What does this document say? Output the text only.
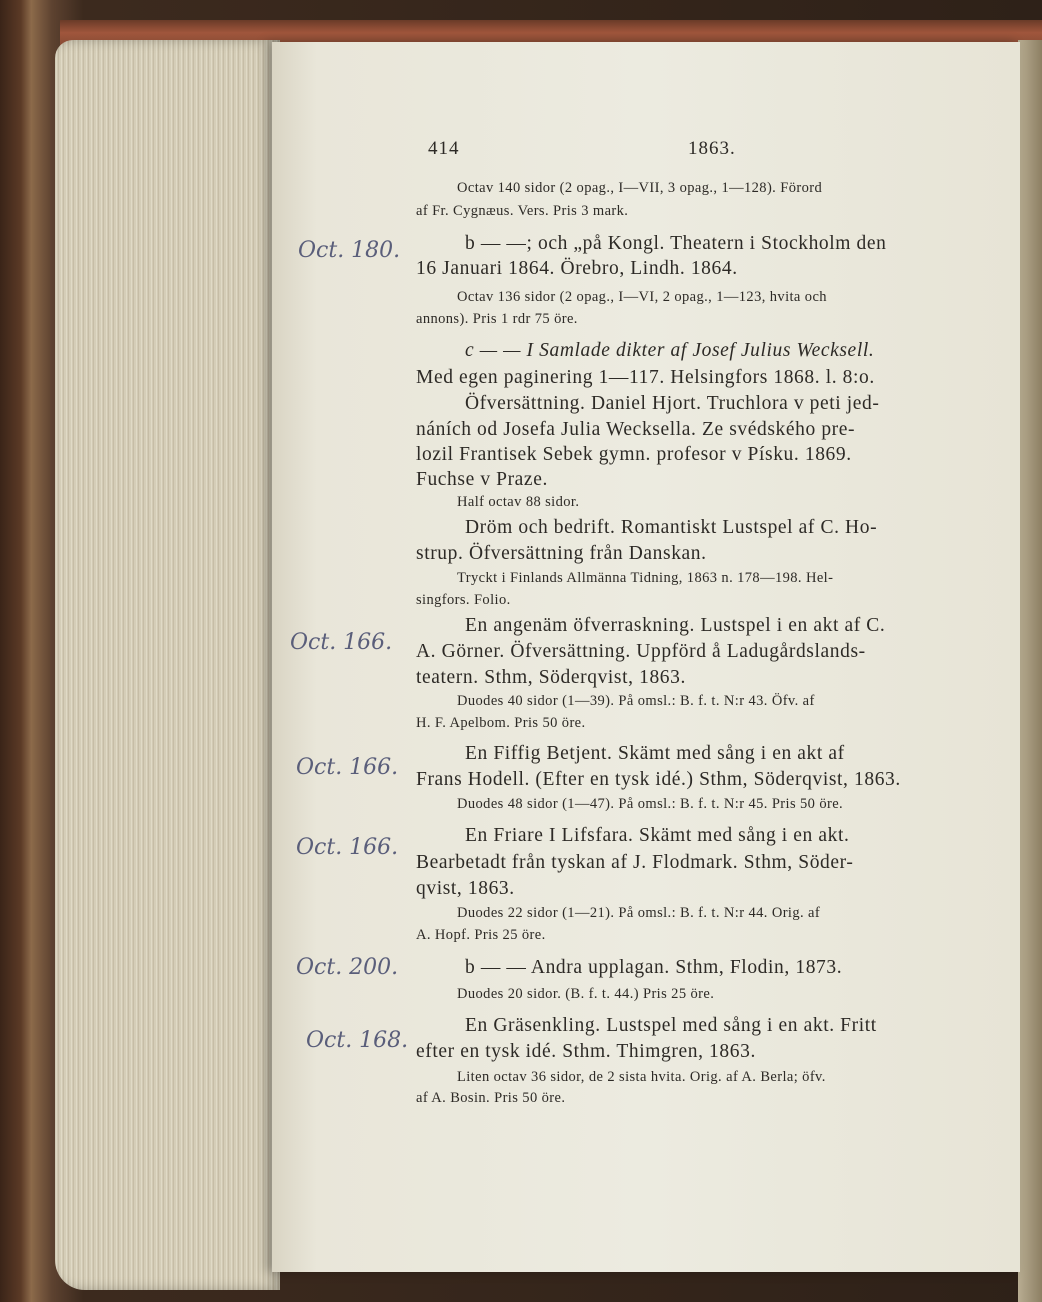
414	1863.
Octav 140 sidor (2 opag., I—VII, 3 opag., 1—128). Förord
af Fr. Cygnæus. Vers. Pris 3 mark.
b — —; och „på Kongl. Theatern i Stockholm den
16 Januari 1864. Örebro, Lindh. 1864.
Octav 136 sidor (2 opag., I—VI, 2 opag., 1—123, hvita och
annons). Pris 1 rdr 75 öre.
c — — I Samlade dikter af Josef Julius Wecksell.
Med egen paginering 1—117. Helsingfors 1868. l. 8:o.
Öfversättning. Daniel Hjort. Truchlora v peti jed-
náních od Josefa Julia Wecksella. Ze svédského pre-
lozil Frantisek Sebek gymn. profesor v Písku. 1869.
Fuchse v Praze.
Half octav 88 sidor.
Dröm och bedrift. Romantiskt Lustspel af C. Ho-
strup. Öfversättning från Danskan.
Tryckt i Finlands Allmänna Tidning, 1863 n. 178—198. Hel-
singfors. Folio.
En angenäm öfverraskning. Lustspel i en akt af C.
A. Görner. Öfversättning. Uppförd å Ladugårdslands-
teatern. Sthm, Söderqvist, 1863.
Duodes 40 sidor (1—39). På omsl.: B. f. t. N:r 43. Öfv. af
H. F. Apelbom. Pris 50 öre.
En Fiffig Betjent. Skämt med sång i en akt af
Frans Hodell. (Efter en tysk idé.) Sthm, Söderqvist, 1863.
Duodes 48 sidor (1—47). På omsl.: B. f. t. N:r 45. Pris 50 öre.
En Friare I Lifsfara. Skämt med sång i en akt.
Bearbetadt från tyskan af J. Flodmark. Sthm, Söder-
qvist, 1863.
Duodes 22 sidor (1—21). På omsl.: B. f. t. N:r 44. Orig. af
A. Hopf. Pris 25 öre.
b — — Andra upplagan. Sthm, Flodin, 1873.
Duodes 20 sidor. (B. f. t. 44.) Pris 25 öre.
En Gräsenkling. Lustspel med sång i en akt. Fritt
efter en tysk idé. Sthm. Thimgren, 1863.
Liten octav 36 sidor, de 2 sista hvita. Orig. af A. Berla; öfv.
af A. Bosin. Pris 50 öre.
Oct. 180.
Oct. 166.
Oct. 166.
Oct. 166.
Oct. 200.
Oct. 168.
